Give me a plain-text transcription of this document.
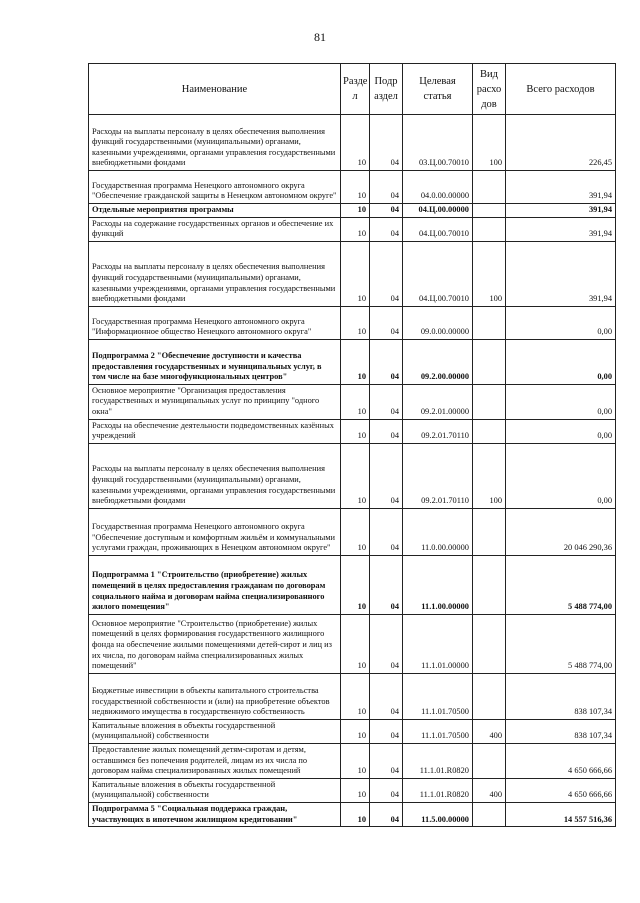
81
Наименование	Разде л	Подр аздел	Целевая статья	Вид расхо дов	Всего расходов
Расходы на выплаты персоналу в целях обеспечения выполнения функций государственными (муниципальными) органами, казенными учреждениями, органами управления государственными внебюджетными фондами	10	04	03.Ц.00.70010	100	226,45
Государственная программа Ненецкого автономного округа "Обеспечение гражданской защиты в Ненецком автономном округе"	10	04	04.0.00.00000		391,94
Отдельные мероприятия программы	10	04	04.Ц.00.00000		391,94
Расходы на содержание государственных органов и обеспечение их функций	10	04	04.Ц.00.70010		391,94
Расходы на выплаты персоналу в целях обеспечения выполнения функций государственными (муниципальными) органами, казенными учреждениями, органами управления государственными внебюджетными фондами	10	04	04.Ц.00.70010	100	391,94
Государственная программа Ненецкого автономного округа "Информационное общество Ненецкого автономного округа"	10	04	09.0.00.00000		0,00
Подпрограмма 2 "Обеспечение доступности и качества предоставления государственных и муниципальных услуг, в том числе на базе многофункциональных центров"	10	04	09.2.00.00000		0,00
Основное мероприятие "Организация предоставления государственных и муниципальных услуг по принципу "одного окна"	10	04	09.2.01.00000		0,00
Расходы на обеспечение деятельности подведомственных казённых учреждений	10	04	09.2.01.70110		0,00
Расходы на выплаты персоналу в целях обеспечения выполнения функций государственными (муниципальными) органами, казенными учреждениями, органами управления государственными внебюджетными фондами	10	04	09.2.01.70110	100	0,00
Государственная программа Ненецкого автономного округа "Обеспечение доступным и комфортным жильём и коммунальными услугами граждан, проживающих в Ненецком автономном округе"	10	04	11.0.00.00000		20 046 290,36
Подпрограмма 1 "Строительство (приобретение) жилых помещений в целях предоставления гражданам по договорам социального найма и договорам найма специализированного жилого помещения"	10	04	11.1.00.00000		5 488 774,00
Основное мероприятие "Строительство (приобретение) жилых помещений в целях формирования государственного жилищного фонда на обеспечение жилыми помещениями детей-сирот и лиц из их числа, по договорам найма специализированных жилых помещений"	10	04	11.1.01.00000		5 488 774,00
Бюджетные инвестиции в объекты капитального строительства государственной собственности и (или) на приобретение объектов недвижимого имущества в государственную собственность	10	04	11.1.01.70500		838 107,34
Капитальные вложения в объекты государственной (муниципальной) собственности	10	04	11.1.01.70500	400	838 107,34
Предоставление жилых помещений детям-сиротам и детям, оставшимся без попечения родителей, лицам из их числа по договорам найма специализированных жилых помещений	10	04	11.1.01.R0820		4 650 666,66
Капитальные вложения в объекты государственной (муниципальной) собственности	10	04	11.1.01.R0820	400	4 650 666,66
Подпрограмма 5 "Социальная поддержка граждан, участвующих в ипотечном жилищном кредитовании"	10	04	11.5.00.00000		14 557 516,36
